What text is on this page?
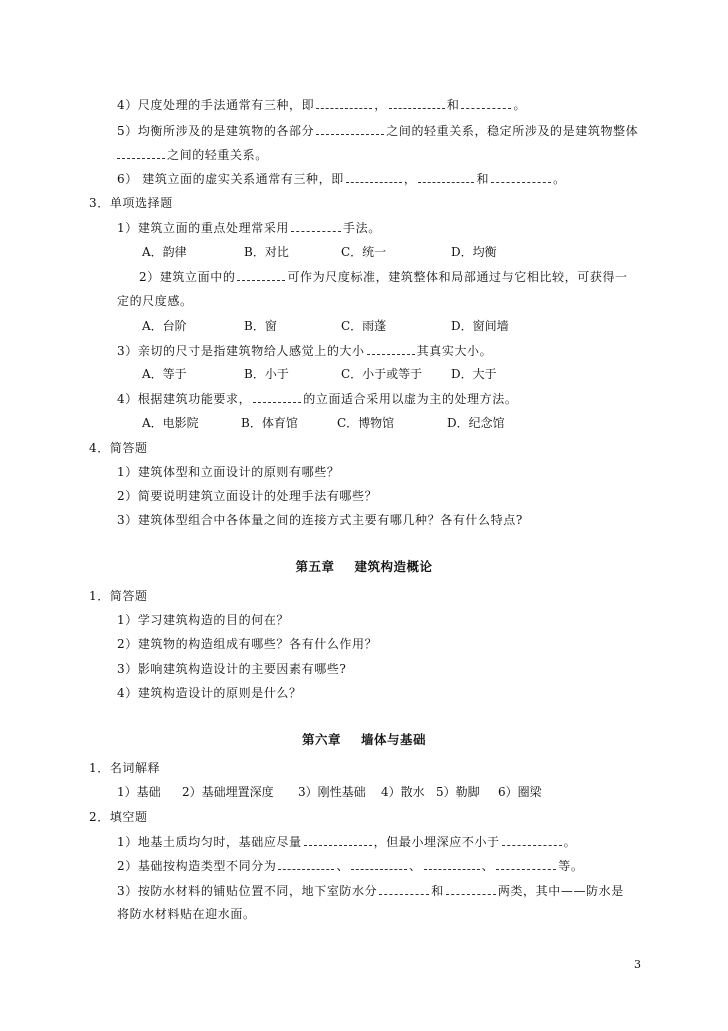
4）尺度处理的手法通常有三种，即	，	和	。
5）均衡所涉及的是建筑物的各部分	之间的轻重关系，稳定所涉及的是建筑物整体
之间的轻重关系。
6） 建筑立面的虚实关系通常有三种，即	，	和	。
3．单项选择题
1）建筑立面的重点处理常采用	手法。
A．韵律	B．对比	C．统一	D．均衡
2）建筑立面中的	可作为尺度标准，建筑整体和局部通过与它相比较，可获得一
定的尺度感。
A．台阶	B．窗	C．雨蓬	D．窗间墙
3）亲切的尺寸是指建筑物给人感觉上的大小	其真实大小。
A．等于	B．小于	C．小于或等于 D．大于
4）根据建筑功能要求，	的立面适合采用以虚为主的处理方法。
A．电影院	B．体育馆	C．博物馆	D．纪念馆
4．简答题
1）建筑体型和立面设计的原则有哪些？
2）简要说明建筑立面设计的处理手法有哪些？
3）建筑体型组合中各体量之间的连接方式主要有哪几种？各有什么特点?
第五章 建筑构造概论
1．简答题
1）学习建筑构造的目的何在？
2）建筑物的构造组成有哪些？各有什么作用？
3）影响建筑构造设计的主要因素有哪些?
4）建筑构造设计的原则是什么？
第六章 墙体与基础
1．名词解释
1）基础 2）基础埋置深度 3）刚性基础 4）散水 5）勒脚 6）圈梁
2．填空题
1）地基土质均匀时，基础应尽量	，但最小埋深应不小于	。
2）基础按构造类型不同分为	、	、	、	等。
3）按防水材料的铺贴位置不同，地下室防水分	和	两类，其中——防水是
将防水材料贴在迎水面。
3
